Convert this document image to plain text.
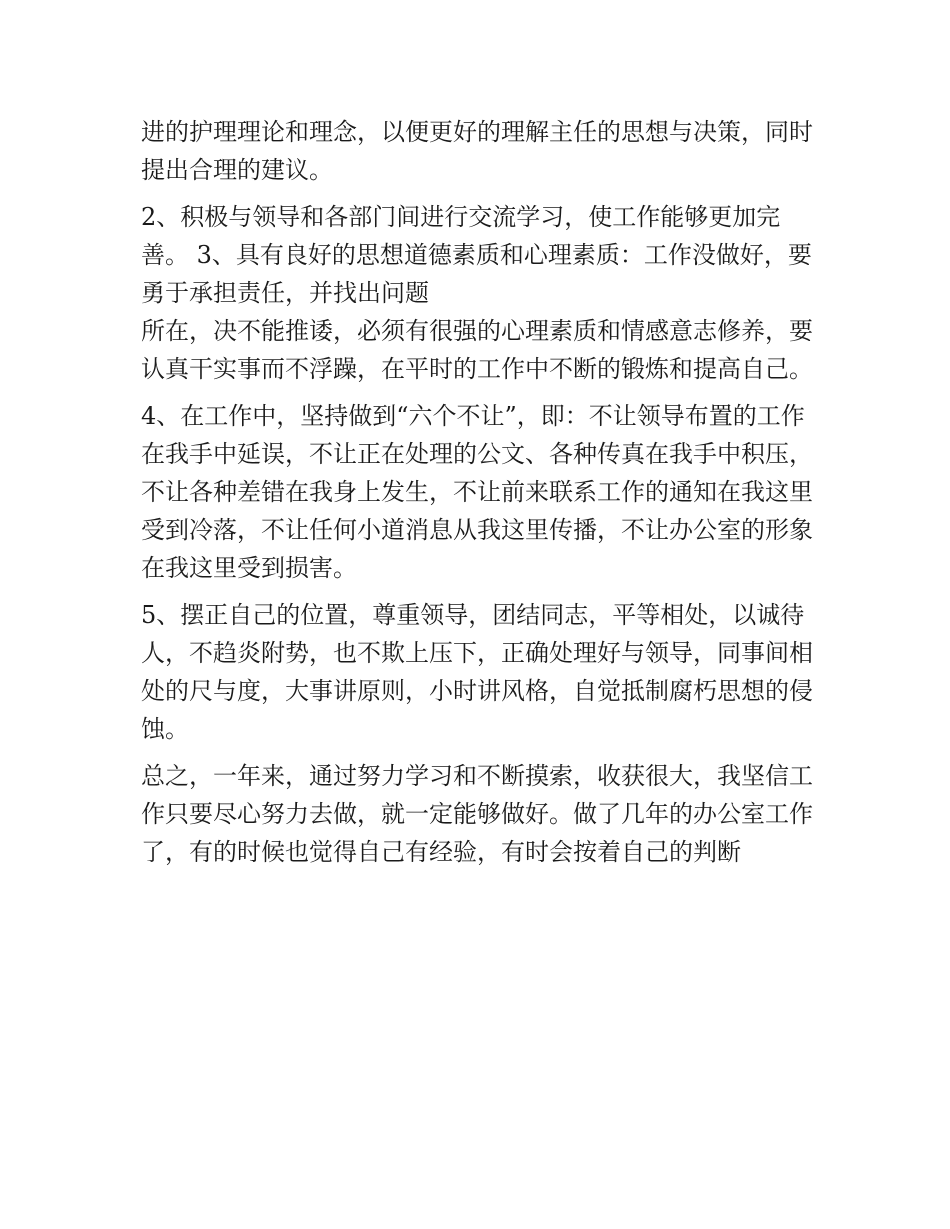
进的护理理论和理念，以便更好的理解主任的思想与决策，同时提出合理的建议。

2、积极与领导和各部门间进行交流学习，使工作能够更加完善。 3、具有良好的思想道德素质和心理素质：工作没做好，要勇于承担责任，并找出问题

所在，决不能推诿，必须有很强的心理素质和情感意志修养，要认真干实事而不浮躁，在平时的工作中不断的锻炼和提高自己。

4、在工作中，坚持做到“六个不让”，即：不让领导布置的工作在我手中延误，不让正在处理的公文、各种传真在我手中积压，不让各种差错在我身上发生，不让前来联系工作的通知在我这里受到冷落，不让任何小道消息从我这里传播，不让办公室的形象在我这里受到损害。

5、摆正自己的位置，尊重领导，团结同志，平等相处，以诚待人，不趋炎附势，也不欺上压下，正确处理好与领导，同事间相处的尺与度，大事讲原则，小时讲风格，自觉抵制腐朽思想的侵蚀。

总之，一年来，通过努力学习和不断摸索，收获很大，我坚信工作只要尽心努力去做，就一定能够做好。做了几年的办公室工作了，有的时候也觉得自己有经验，有时会按着自己的判断
